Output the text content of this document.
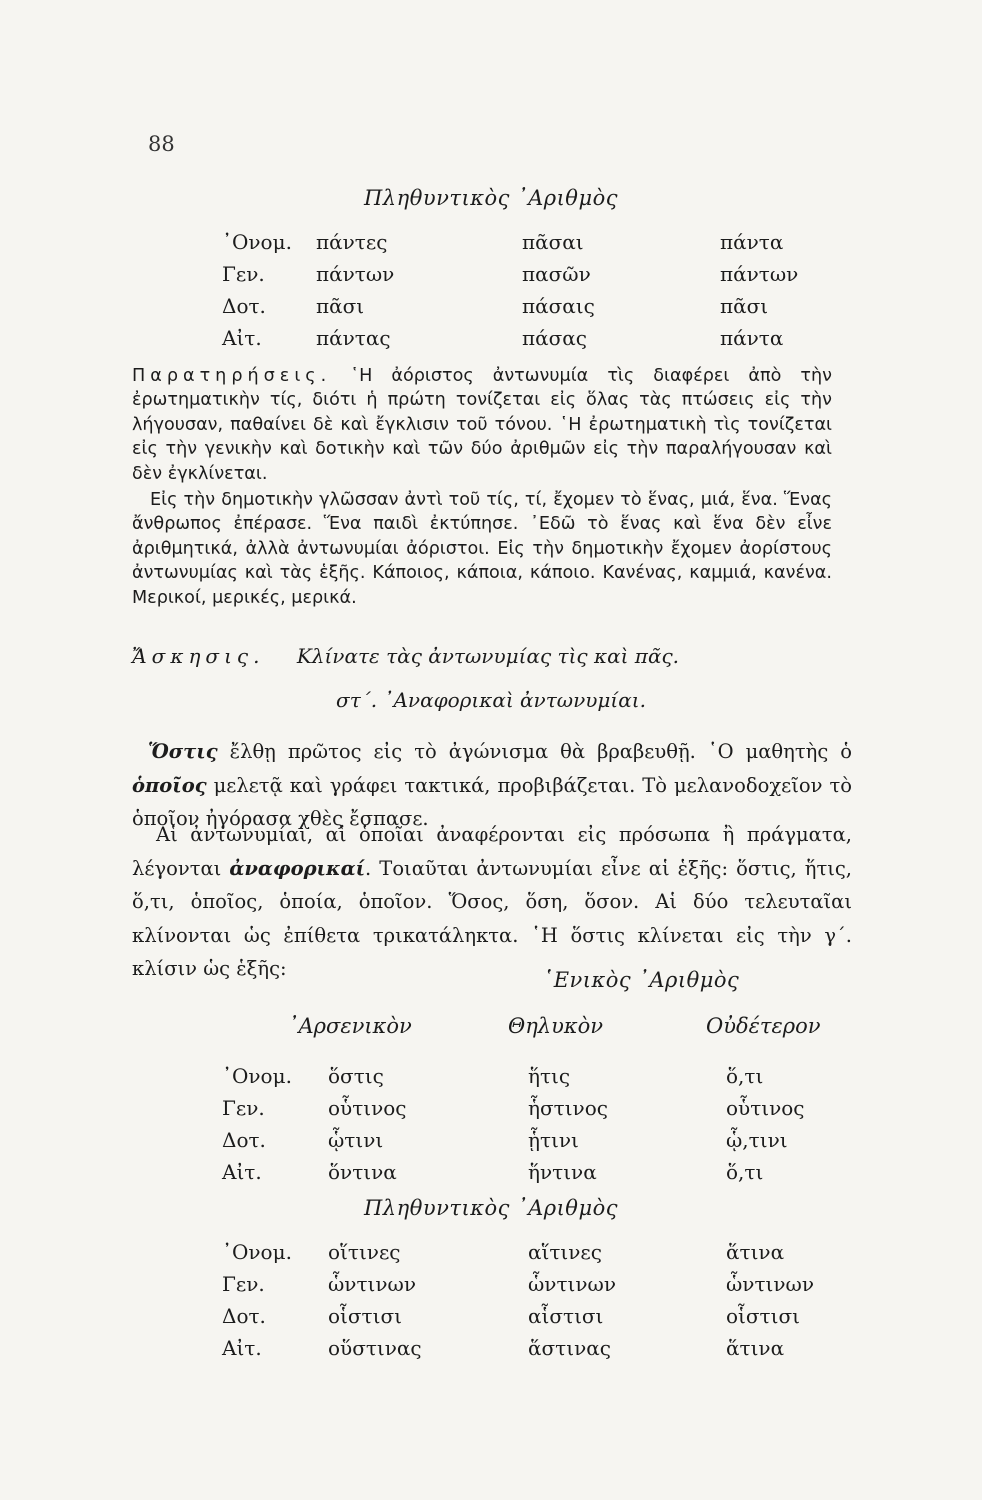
88
Πληθυντικὸς ᾿Αριθμὸς
᾿Ονομ. πάντες	πᾶσαι	πάντα
Γεν.	πάντων	πασῶν	πάντων
Δοτ.	πᾶσι	πάσαις	πᾶσι
Αἰτ.	πάντας	πάσας	πάντα
Παρατηρήσεις. ῾Η ἀόριστος ἀντωνυμία τὶς διαφέρει ἀπὸ τὴν ἐρωτηματικὴν τίς, διότι ἡ πρώτη τονίζεται εἰς ὅλας τὰς πτώσεις εἰς τὴν λήγουσαν, παθαίνει δὲ καὶ ἔγκλισιν τοῦ τόνου. ῾Η ἐρωτηματικὴ τὶς τονίζεται εἰς τὴν γενικὴν καὶ δοτικὴν καὶ τῶν δύο ἀριθμῶν εἰς τὴν παραλήγουσαν καὶ δὲν ἐγκλίνεται.
Εἰς τὴν δημοτικὴν γλῶσσαν ἀντὶ τοῦ τίς, τί, ἔχομεν τὸ ἕνας, μιά, ἕνα. Ἕνας ἄνθρωπος ἐπέρασε. Ἕνα παιδὶ ἐκτύπησε. ᾿Εδῶ τὸ ἕνας καὶ ἕνα δὲν εἶνε ἀριθμητικά, ἀλλὰ ἀντωνυμίαι ἀόριστοι. Εἰς τὴν δημοτικὴν ἔχομεν ἀορίστους ἀντωνυμίας καὶ τὰς ἑξῆς. Κάποιος, κάποια, κάποιο. Κανένας, καμμιά, κανένα. Μερικοί, μερικές, μερικά.
Ἄσκησις. Κλίνατε τὰς ἀντωνυμίας τὶς καὶ πᾶς.
στ΄. ᾿Αναφορικαὶ ἀντωνυμίαι.
Ὅστις ἔλθῃ πρῶτος εἰς τὸ ἀγώνισμα θὰ βραβευθῇ. ῾Ο μαθητὴς ὁ ὁποῖος μελετᾷ καὶ γράφει τακτικά, προβιβάζεται. Τὸ μελανοδοχεῖον τὸ ὁποῖον ἠγόρασα χθὲς ἔσπασε.
Αἱ ἀντωνυμίαι, αἱ ὁποῖαι ἀναφέρονται εἰς πρόσωπα ἢ πράγματα, λέγονται ἀναφορικαί. Τοιαῦται ἀντωνυμίαι εἶνε αἱ ἑξῆς: ὅστις, ἥτις, ὅ,τι, ὁποῖος, ὁποία, ὁποῖον. Ὅσος, ὅση, ὅσον. Αἱ δύο τελευταῖαι κλίνονται ὡς ἐπίθετα τρικατάληκτα. ῾Η ὅστις κλίνεται εἰς τὴν γ΄. κλίσιν ὡς ἑξῆς:	῾Ενικὸς ᾿Αριθμὸς
᾿Αρσενικὸν	Θηλυκὸν	Οὐδέτερον
᾿Ονομ. ὅστις	ἥτις	ὅ,τι
Γεν.	οὗτινος	ἧστινος	οὗτινος
Δοτ.	ᾧτινι	ᾗτινι	ᾧ,τινι
Αἰτ.	ὅντινα	ἥντινα	ὅ,τι
Πληθυντικὸς ᾿Αριθμὸς
᾿Ονομ. οἵτινες	αἵτινες	ἅτινα
Γεν.	ὧντινων	ὧντινων	ὧντινων
Δοτ.	οἷστισι	αἷστισι	οἷστισι
Αἰτ.	οὕστινας	ἅστινας	ἅτινα
